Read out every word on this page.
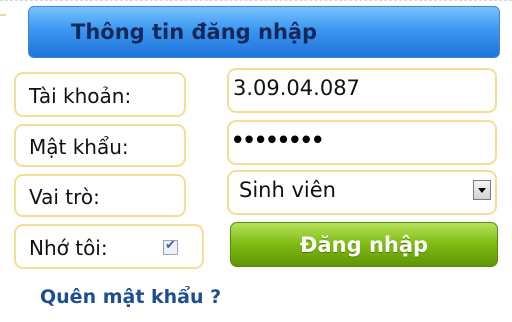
Thông tin đăng nhập
Tài khoản:	3.09.04.087
Mật khẩu:	••••••••
Vai trò:	Sinh viên
Nhớ tôi:	✔	Đăng nhập
Quên mật khẩu ?
